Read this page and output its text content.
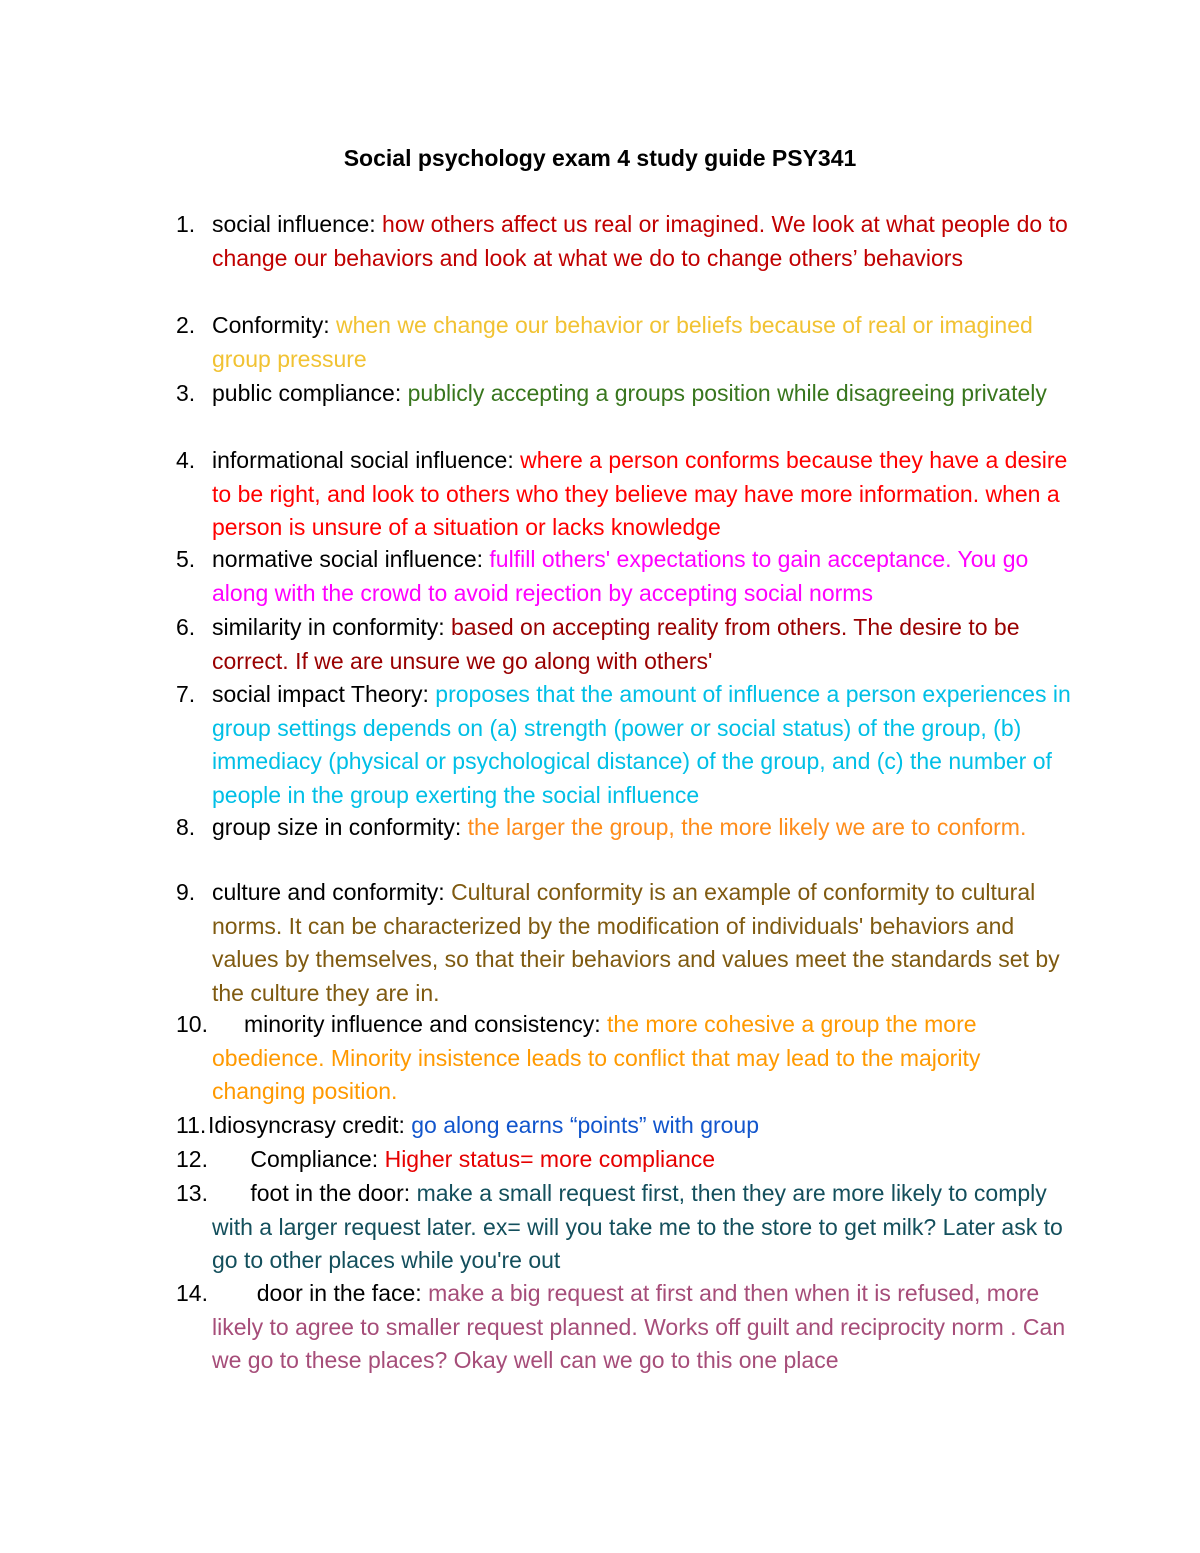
Social psychology exam 4 study guide PSY341
1. social influence: how others affect us real or imagined. We look at what people do to change our behaviors and look at what we do to change others’ behaviors
2. Conformity: when we change our behavior or beliefs because of real or imagined group pressure
3. public compliance: publicly accepting a groups position while disagreeing privately
4. informational social influence: where a person conforms because they have a desire to be right, and look to others who they believe may have more information. when a person is unsure of a situation or lacks knowledge
5. normative social influence: fulfill others' expectations to gain acceptance. You go along with the crowd to avoid rejection by accepting social norms
6. similarity in conformity: based on accepting reality from others. The desire to be correct. If we are unsure we go along with others'
7. social impact Theory: proposes that the amount of influence a person experiences in group settings depends on (a) strength (power or social status) of the group, (b) immediacy (physical or psychological distance) of the group, and (c) the number of people in the group exerting the social influence
8. group size in conformity: the larger the group, the more likely we are to conform.
9. culture and conformity: Cultural conformity is an example of conformity to cultural norms. It can be characterized by the modification of individuals' behaviors and values by themselves, so that their behaviors and values meet the standards set by the culture they are in.
10. minority influence and consistency: the more cohesive a group the more obedience. Minority insistence leads to conflict that may lead to the majority changing position.
11. Idiosyncrasy credit: go along earns “points” with group
12. Compliance: Higher status= more compliance
13. foot in the door: make a small request first, then they are more likely to comply with a larger request later. ex= will you take me to the store to get milk? Later ask to go to other places while you're out
14. door in the face: make a big request at first and then when it is refused, more likely to agree to smaller request planned. Works off guilt and reciprocity norm . Can we go to these places? Okay well can we go to this one place
